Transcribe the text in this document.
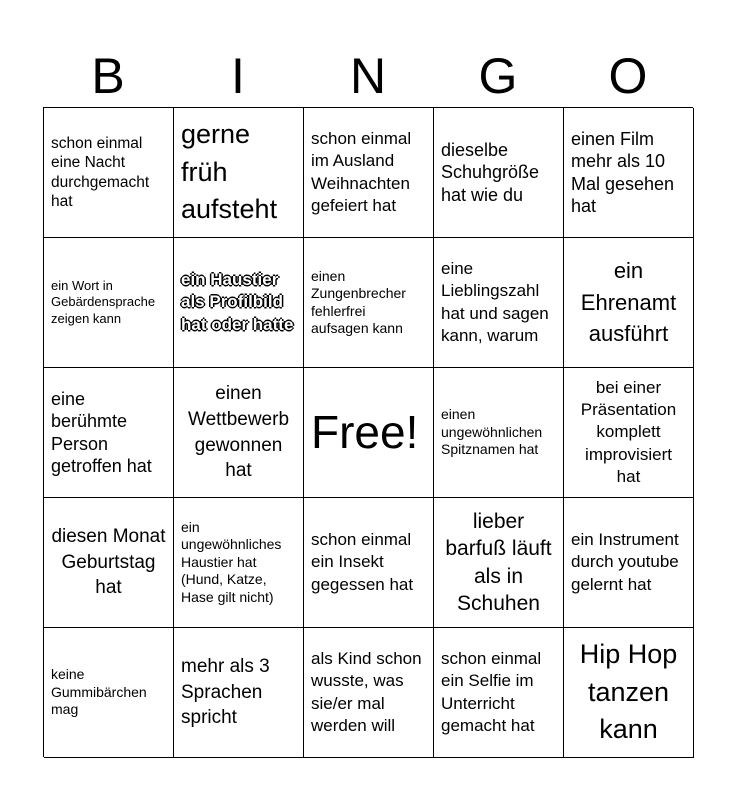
B	I	N	G	O
schon einmal eine Nacht durchgemacht hat
gerne früh aufsteht
schon einmal im Ausland Weihnachten gefeiert hat
dieselbe Schuhgröße hat wie du
einen Film mehr als 10 Mal gesehen hat
ein Wort in Gebärdensprache zeigen kann
ein Haustier als Profilbild hat oder hatte
einen Zungenbrecher fehlerfrei aufsagen kann
eine Lieblingszahl hat und sagen kann, warum
ein Ehrenamt ausführt
eine berühmte Person getroffen hat
einen Wettbewerb gewonnen hat
Free!	einen ungewöhnlichen Spitznamen hat
bei einer Präsentation komplett improvisiert hat
diesen Monat Geburtstag hat
ein ungewöhnliches Haustier hat (Hund, Katze, Hase gilt nicht)
schon einmal ein Insekt gegessen hat
lieber barfuß läuft als in Schuhen
ein Instrument durch youtube gelernt hat
keine Gummibärchen mag
mehr als 3 Sprachen spricht
als Kind schon wusste, was sie/er mal werden will
schon einmal ein Selfie im Unterricht gemacht hat
Hip Hop tanzen kann
